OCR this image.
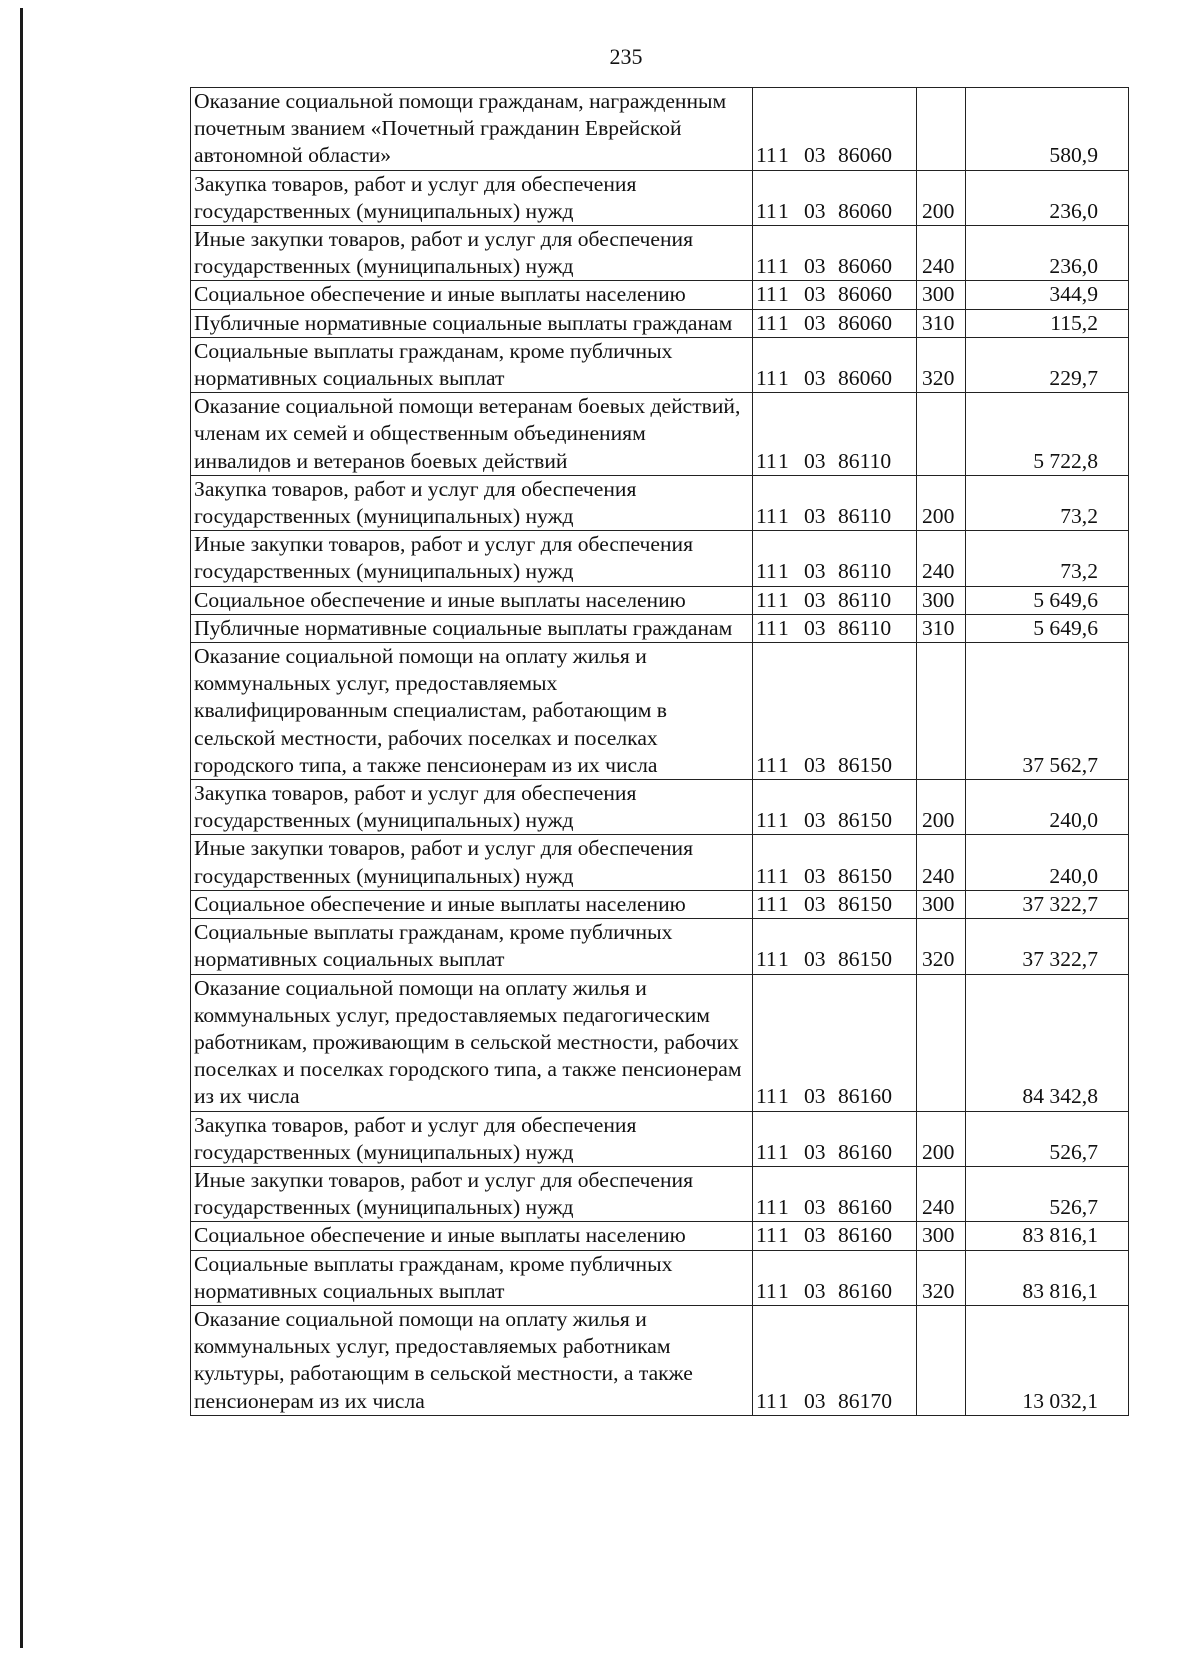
235
Оказание социальной помощи гражданам, награжденным почетным званием «Почетный гражданин Еврейской автономной области»	111 03 86060		580,9
Закупка товаров, работ и услуг для обеспечения государственных (муниципальных) нужд	111 03 86060	200	236,0
Иные закупки товаров, работ и услуг для обеспечения государственных (муниципальных) нужд	111 03 86060	240	236,0
Социальное обеспечение и иные выплаты населению	111 03 86060	300	344,9
Публичные нормативные социальные выплаты гражданам	111 03 86060	310	115,2
Социальные выплаты гражданам, кроме публичных нормативных социальных выплат	111 03 86060	320	229,7
Оказание социальной помощи ветеранам боевых действий, членам их семей и общественным объединениям инвалидов и ветеранов боевых действий	111 03 86110		5 722,8
Закупка товаров, работ и услуг для обеспечения государственных (муниципальных) нужд	111 03 86110	200	73,2
Иные закупки товаров, работ и услуг для обеспечения государственных (муниципальных) нужд	111 03 86110	240	73,2
Социальное обеспечение и иные выплаты населению	111 03 86110	300	5 649,6
Публичные нормативные социальные выплаты гражданам	111 03 86110	310	5 649,6
Оказание социальной помощи на оплату жилья и коммунальных услуг, предоставляемых квалифицированным специалистам, работающим в сельской местности, рабочих поселках и поселках городского типа, а также пенсионерам из их числа	111 03 86150		37 562,7
Закупка товаров, работ и услуг для обеспечения государственных (муниципальных) нужд	111 03 86150	200	240,0
Иные закупки товаров, работ и услуг для обеспечения государственных (муниципальных) нужд	111 03 86150	240	240,0
Социальное обеспечение и иные выплаты населению	111 03 86150	300	37 322,7
Социальные выплаты гражданам, кроме публичных нормативных социальных выплат	111 03 86150	320	37 322,7
Оказание социальной помощи на оплату жилья и коммунальных услуг, предоставляемых педагогическим работникам, проживающим в сельской местности, рабочих поселках и поселках городского типа, а также пенсионерам из их числа	111 03 86160		84 342,8
Закупка товаров, работ и услуг для обеспечения государственных (муниципальных) нужд	111 03 86160	200	526,7
Иные закупки товаров, работ и услуг для обеспечения государственных (муниципальных) нужд	111 03 86160	240	526,7
Социальное обеспечение и иные выплаты населению	111 03 86160	300	83 816,1
Социальные выплаты гражданам, кроме публичных нормативных социальных выплат	111 03 86160	320	83 816,1
Оказание социальной помощи на оплату жилья и коммунальных услуг, предоставляемых работникам культуры, работающим в сельской местности, а также пенсионерам из их числа	111 03 86170		13 032,1
